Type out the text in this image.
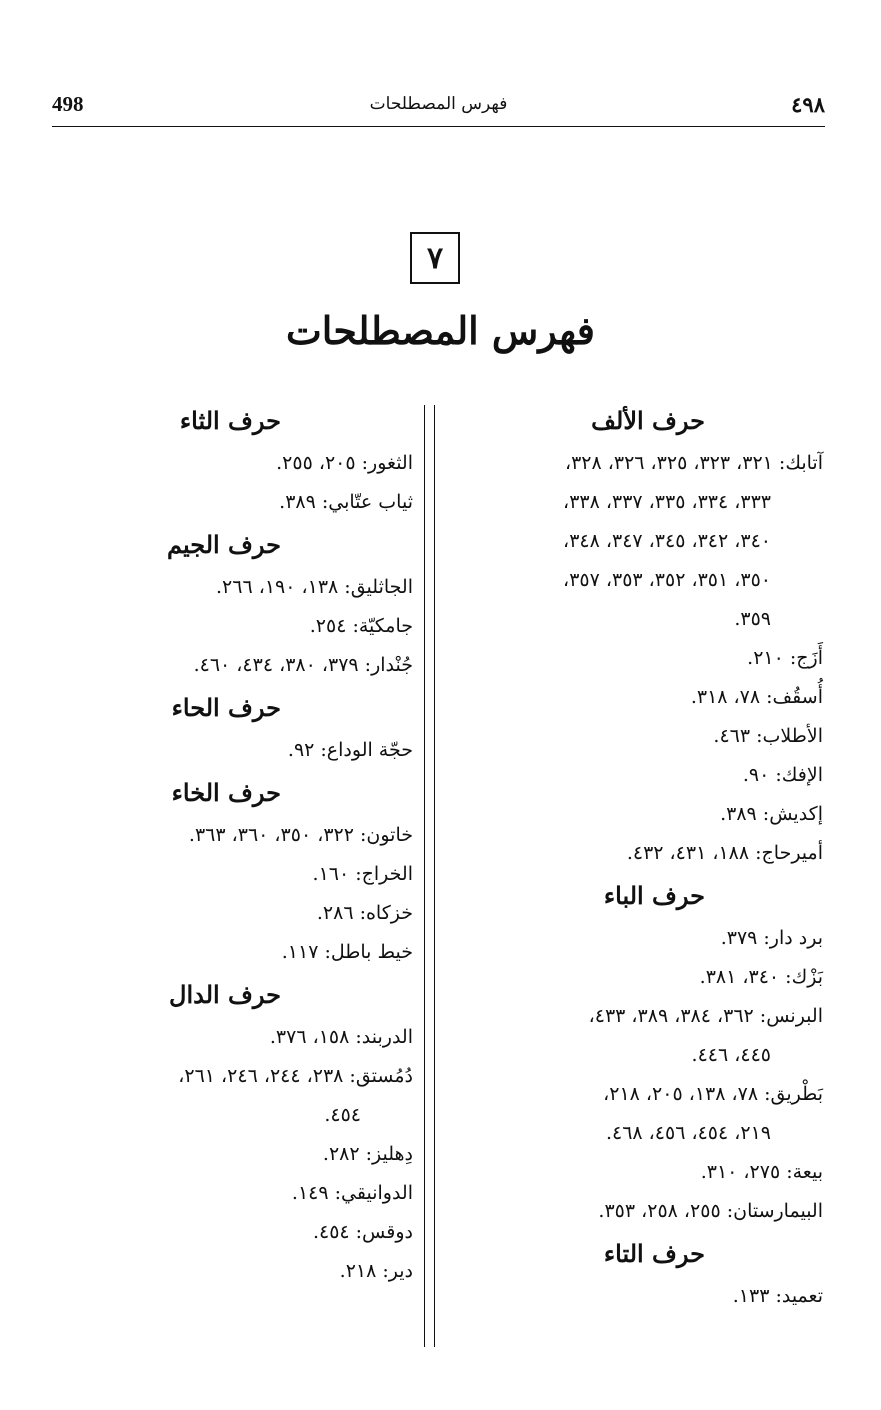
498	فهرس المصطلحات	٤٩٨
٧
فهرس المصطلحات
حرف الألف
آتابك: ٣٢١، ٣٢٣، ٣٢٥، ٣٢٦، ٣٢٨،
٣٣٣، ٣٣٤، ٣٣٥، ٣٣٧، ٣٣٨،
٣٤٠، ٣٤٢، ٣٤٥، ٣٤٧، ٣٤٨،
٣٥٠، ٣٥١، ٣٥٢، ٣٥٣، ٣٥٧،
٣٥٩.
أَزَج: ٢١٠.
أُسقُف: ٧٨، ٣١٨.
الأطلاب: ٤٦٣.
الإفك: ٩٠.
إكديش: ٣٨٩.
أميرحاج: ١٨٨، ٤٣١، ٤٣٢.
حرف الباء
برد دار: ٣٧٩.
بَزْك: ٣٤٠، ٣٨١.
البرنس: ٣٦٢، ٣٨٤، ٣٨٩، ٤٣٣،
٤٤٥، ٤٤٦.
بَطْريق: ٧٨، ١٣٨، ٢٠٥، ٢١٨،
٢١٩، ٤٥٤، ٤٥٦، ٤٦٨.
بيعة: ٢٧٥، ٣١٠.
البيمارستان: ٢٥٥، ٢٥٨، ٣٥٣.
حرف التاء
تعميد: ١٣٣.
حرف الثاء
الثغور: ٢٠٥، ٢٥٥.
ثياب عتّابي: ٣٨٩.
حرف الجيم
الجاثليق: ١٣٨، ١٩٠، ٢٦٦.
جامكيّة: ٢٥٤.
جُنْدار: ٣٧٩، ٣٨٠، ٤٣٤، ٤٦٠.
حرف الحاء
حجّة الوداع: ٩٢.
حرف الخاء
خاتون: ٣٢٢، ٣٥٠، ٣٦٠، ٣٦٣.
الخراج: ١٦٠.
خزكاه: ٢٨٦.
خيط باطل: ١١٧.
حرف الدال
الدربند: ١٥٨، ٣٧٦.
دُمُستق: ٢٣٨، ٢٤٤، ٢٤٦، ٢٦١،
٤٥٤.
دِهليز: ٢٨٢.
الدوانيقي: ١٤٩.
دوقس: ٤٥٤.
دير: ٢١٨.
